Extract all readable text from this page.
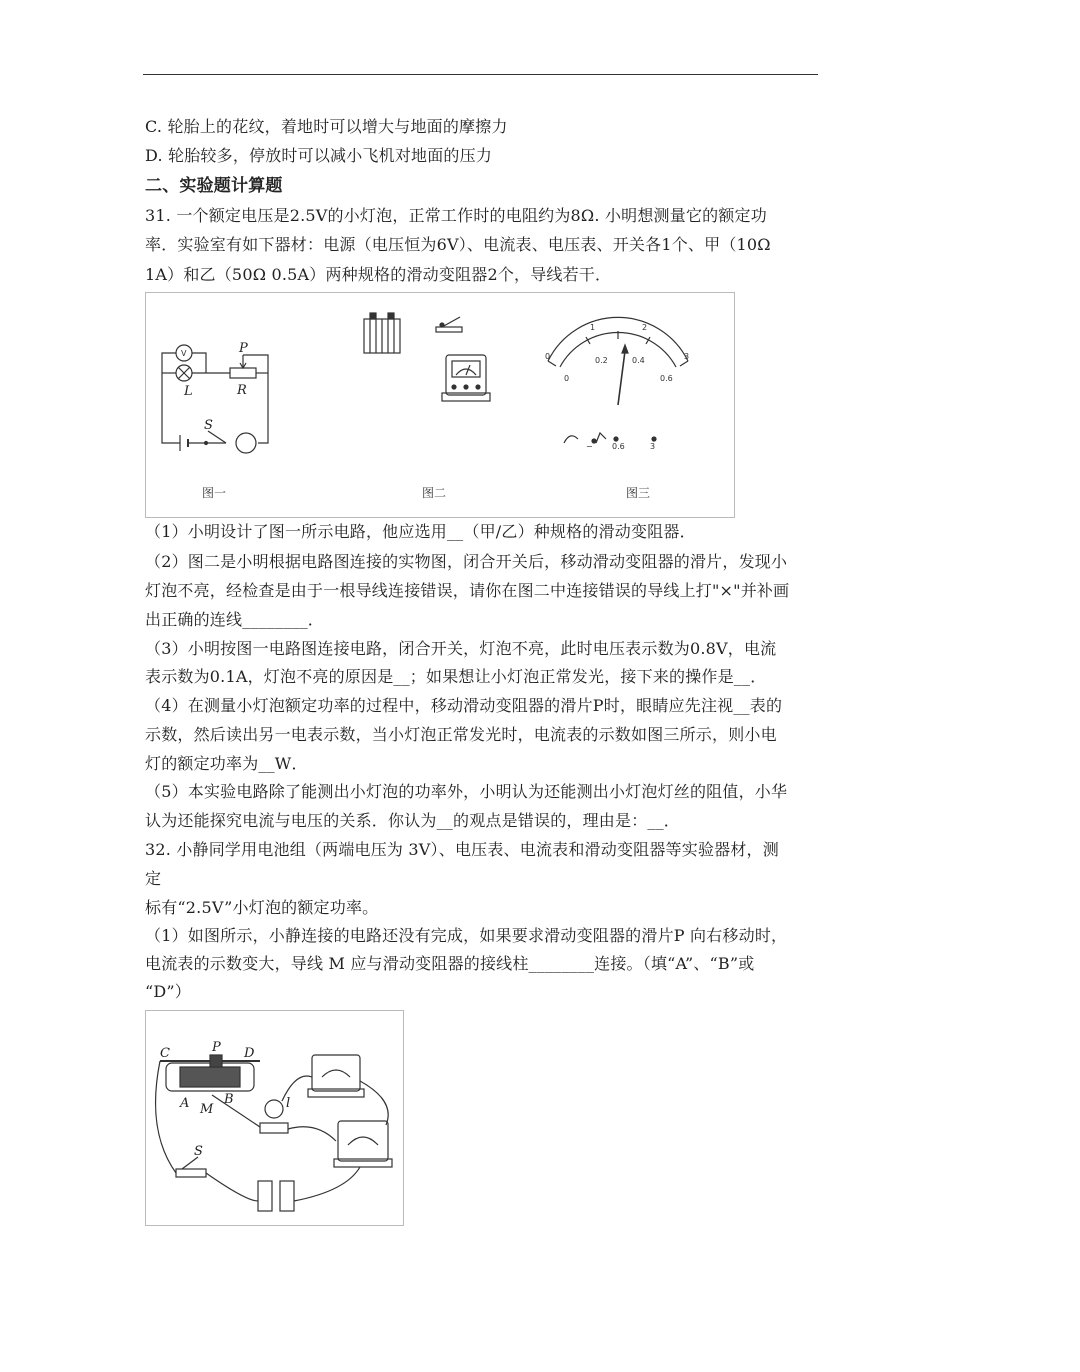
C. 轮胎上的花纹，着地时可以增大与地面的摩擦力
D. 轮胎较多，停放时可以减小飞机对地面的压力
二、实验题计算题
31. 一个额定电压是2.5V的小灯泡，正常工作时的电阻约为8Ω. 小明想测量它的额定功
率．实验室有如下器材：电源（电压恒为6V）、电流表、电压表、开关各1个、甲（10Ω
1A）和乙（50Ω 0.5A）两种规格的滑动变阻器2个，导线若干．
（1）小明设计了图一所示电路，他应选用__（甲/乙）种规格的滑动变阻器．
（2）图二是小明根据电路图连接的实物图，闭合开关后，移动滑动变阻器的滑片，发现小
灯泡不亮，经检查是由于一根导线连接错误，请你在图二中连接错误的导线上打"×"并补画
出正确的连线________．
（3）小明按图一电路图连接电路，闭合开关，灯泡不亮，此时电压表示数为0.8V，电流
表示数为0.1A，灯泡不亮的原因是__；如果想让小灯泡正常发光，接下来的操作是__．
（4）在测量小灯泡额定功率的过程中，移动滑动变阻器的滑片P时，眼睛应先注视__表的
示数，然后读出另一电表示数，当小灯泡正常发光时，电流表的示数如图三所示，则小电
灯的额定功率为__W．
（5）本实验电路除了能测出小灯泡的功率外，小明认为还能测出小灯泡灯丝的阻值，小华
认为还能探究电流与电压的关系．你认为__的观点是错误的，理由是：__．
32. 小静同学用电池组（两端电压为 3V）、电压表、电流表和滑动变阻器等实验器材，测
定
标有“2.5V”小灯泡的额定功率。
（1）如图所示，小静连接的电路还没有完成，如果要求滑动变阻器的滑片P 向右移动时，
电流表的示数变大，导线 M 应与滑动变阻器的接线柱________连接。（填“A”、“B”或
“D”）
V
L	R
P
S
0
1	2
3
0
0.2	0.4
0.6
− 0.6	3
图一	图二	图三
C	P D
A	B
M
S
l
